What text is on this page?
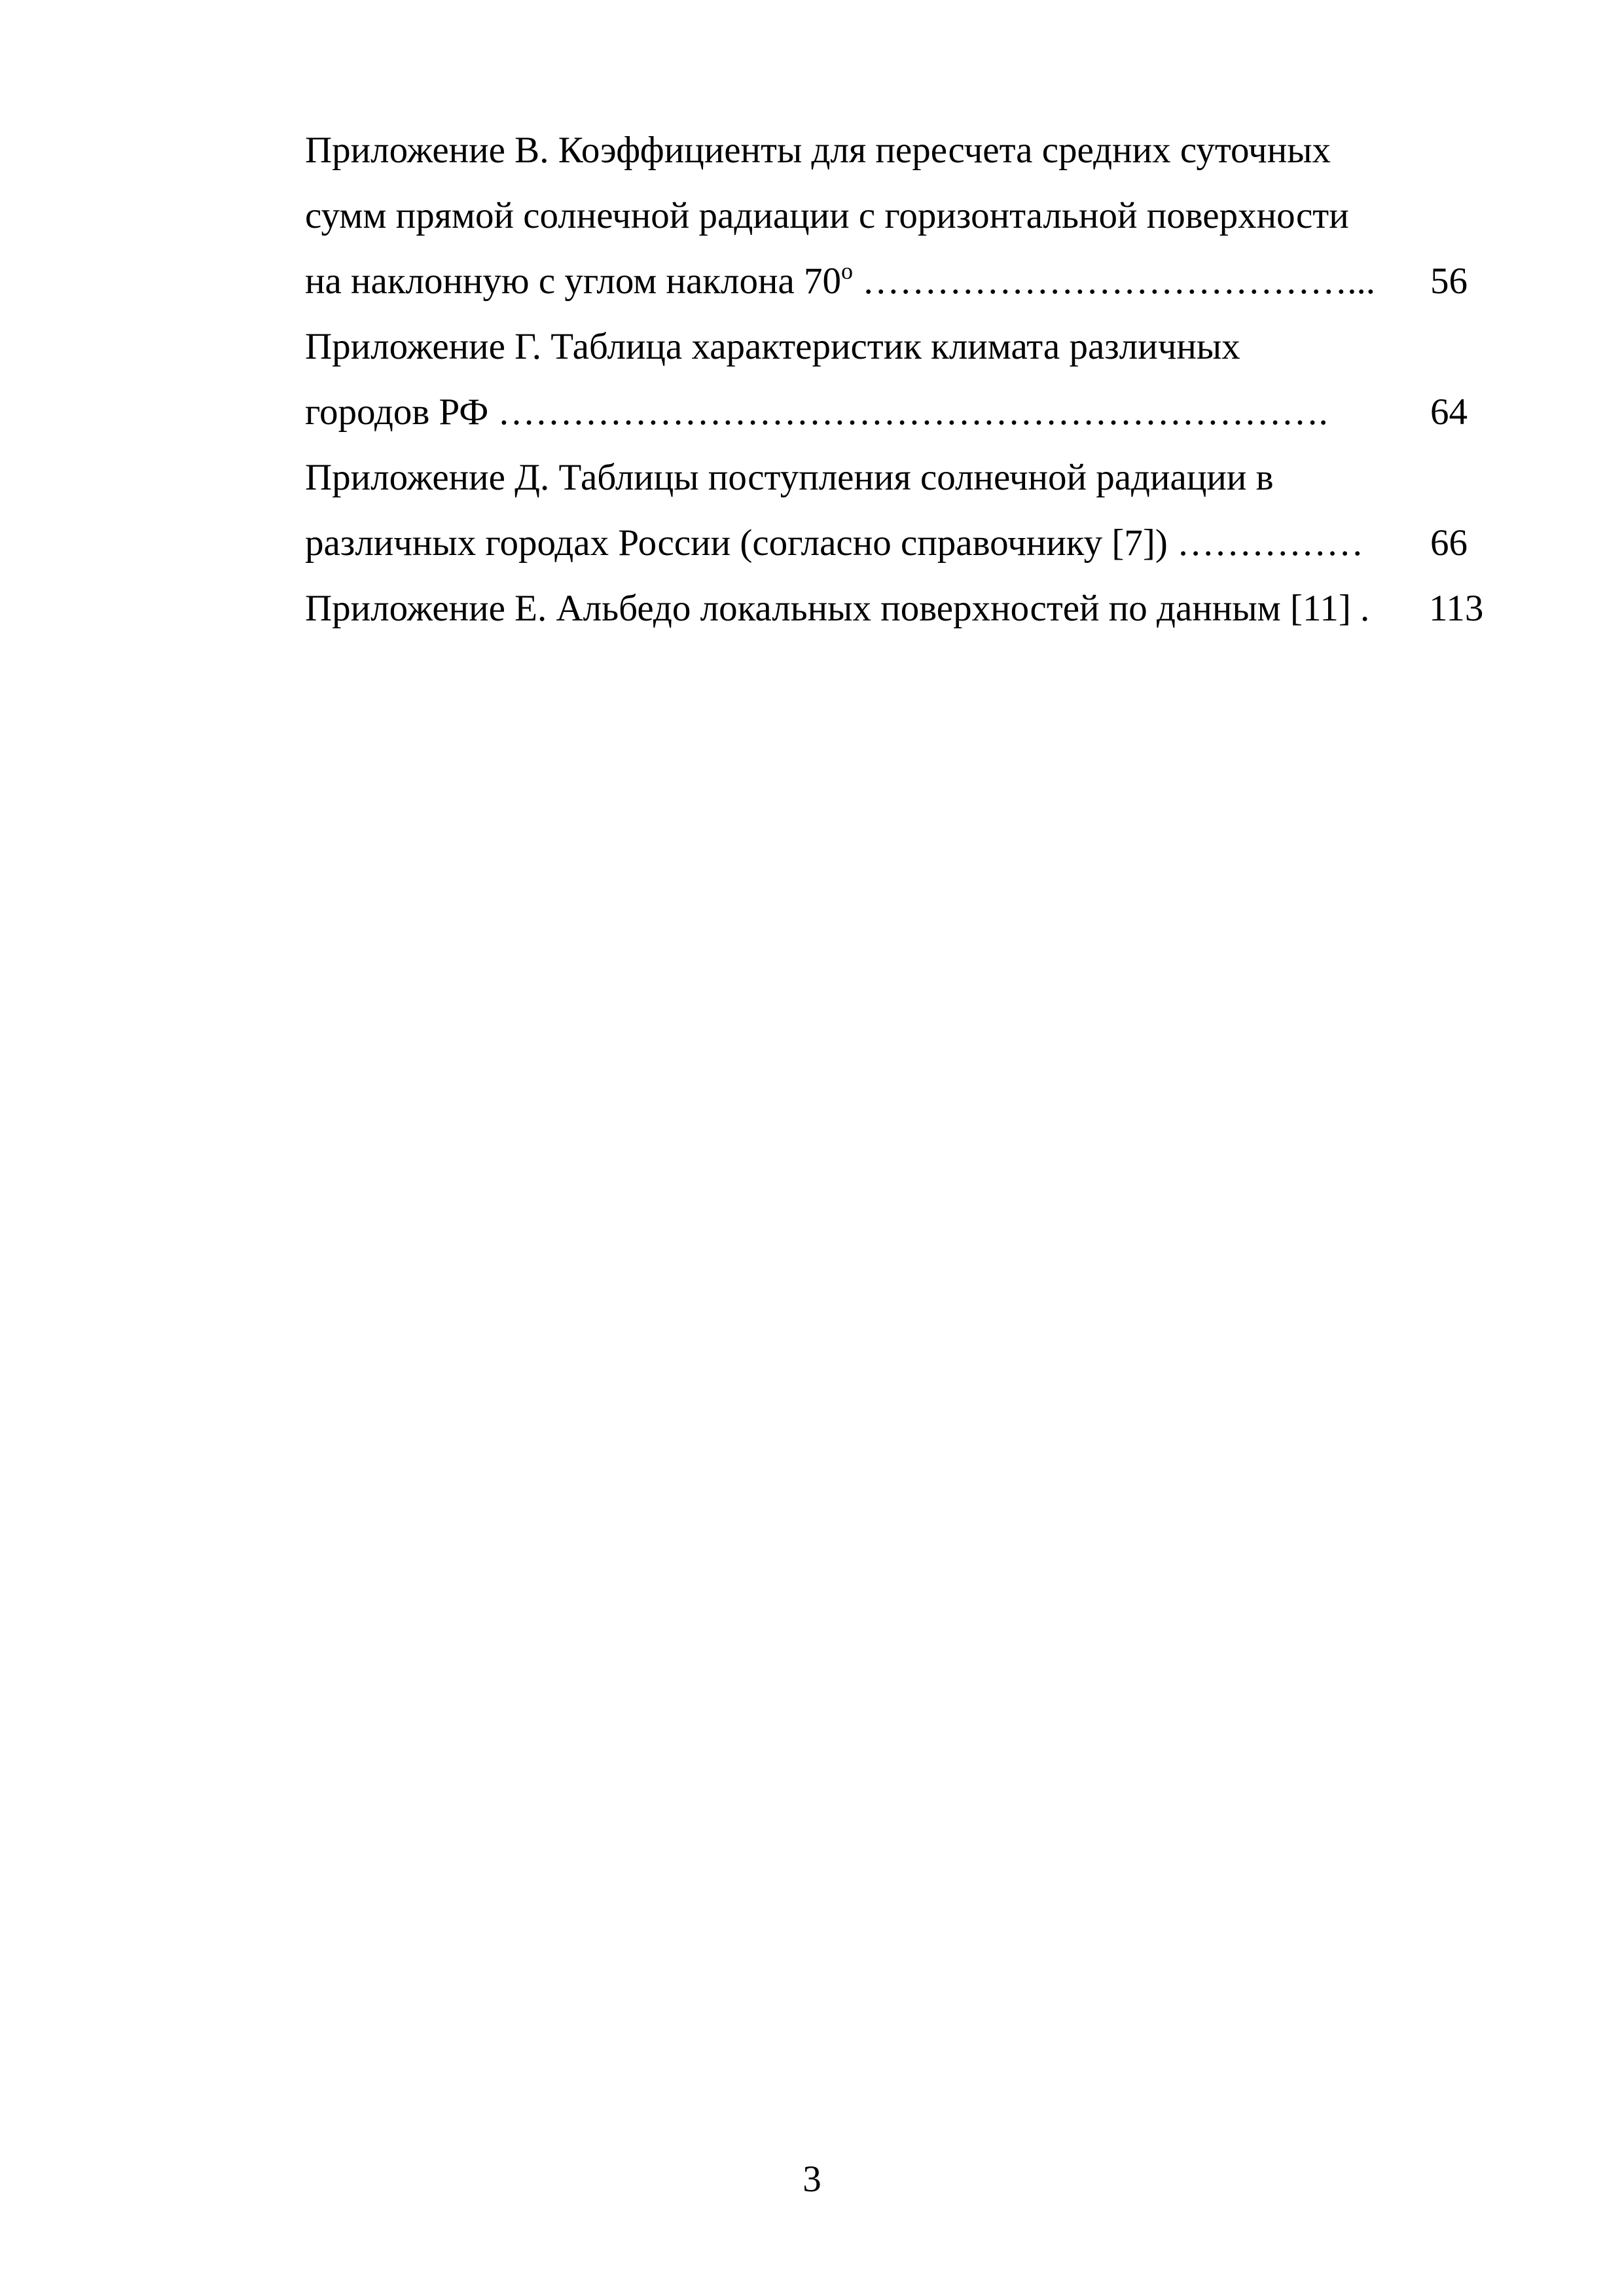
Приложение В. Коэффициенты для пересчета средних суточных
сумм прямой солнечной радиации с горизонтальной поверхности
на наклонную с углом наклона 70$^o$ …………………………………... 56
Приложение Г. Таблица характеристик климата различных
городов РФ ………………………………………………………….	64
Приложение Д. Таблицы поступления солнечной радиации в
различных городах России (согласно справочнику [7]) …………… 66
Приложение Е. Альбедо локальных поверхностей по данным [11] . 113
3
